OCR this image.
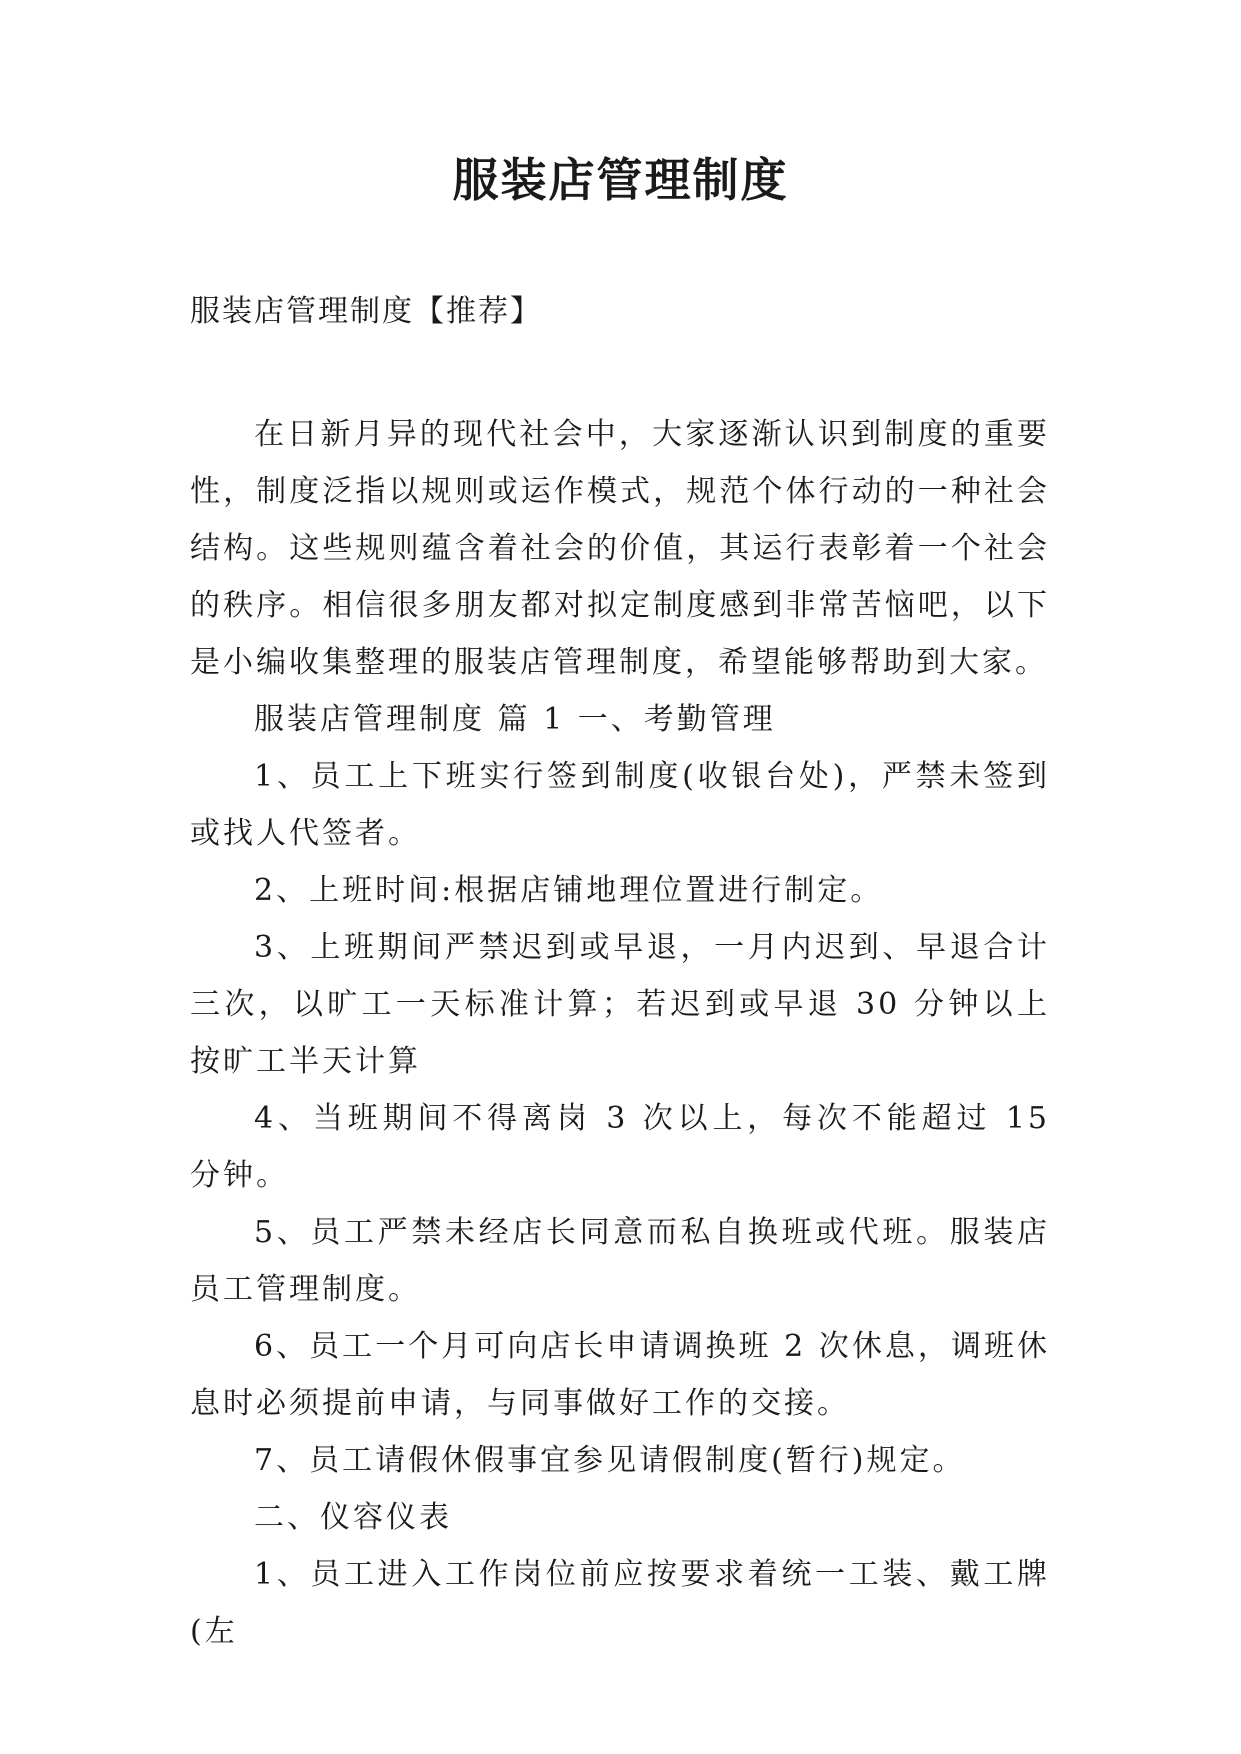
服装店管理制度
服装店管理制度【推荐】

在日新月异的现代社会中，大家逐渐认识到制度的重要性，制度泛指以规则或运作模式，规范个体行动的一种社会结构。这些规则蕴含着社会的价值，其运行表彰着一个社会的秩序。相信很多朋友都对拟定制度感到非常苦恼吧，以下是小编收集整理的服装店管理制度，希望能够帮助到大家。

服装店管理制度 篇 1 一、考勤管理

1、员工上下班实行签到制度(收银台处)，严禁未签到或找人代签者。

2、上班时间:根据店铺地理位置进行制定。

3、上班期间严禁迟到或早退，一月内迟到、早退合计三次，以旷工一天标准计算；若迟到或早退 30 分钟以上按旷工半天计算

4、当班期间不得离岗 3 次以上，每次不能超过 15 分钟。

5、员工严禁未经店长同意而私自换班或代班。服装店员工管理制度。

6、员工一个月可向店长申请调换班 2 次休息，调班休息时必须提前申请，与同事做好工作的交接。

7、员工请假休假事宜参见请假制度(暂行)规定。

二、仪容仪表

1、员工进入工作岗位前应按要求着统一工装、戴工牌(左
